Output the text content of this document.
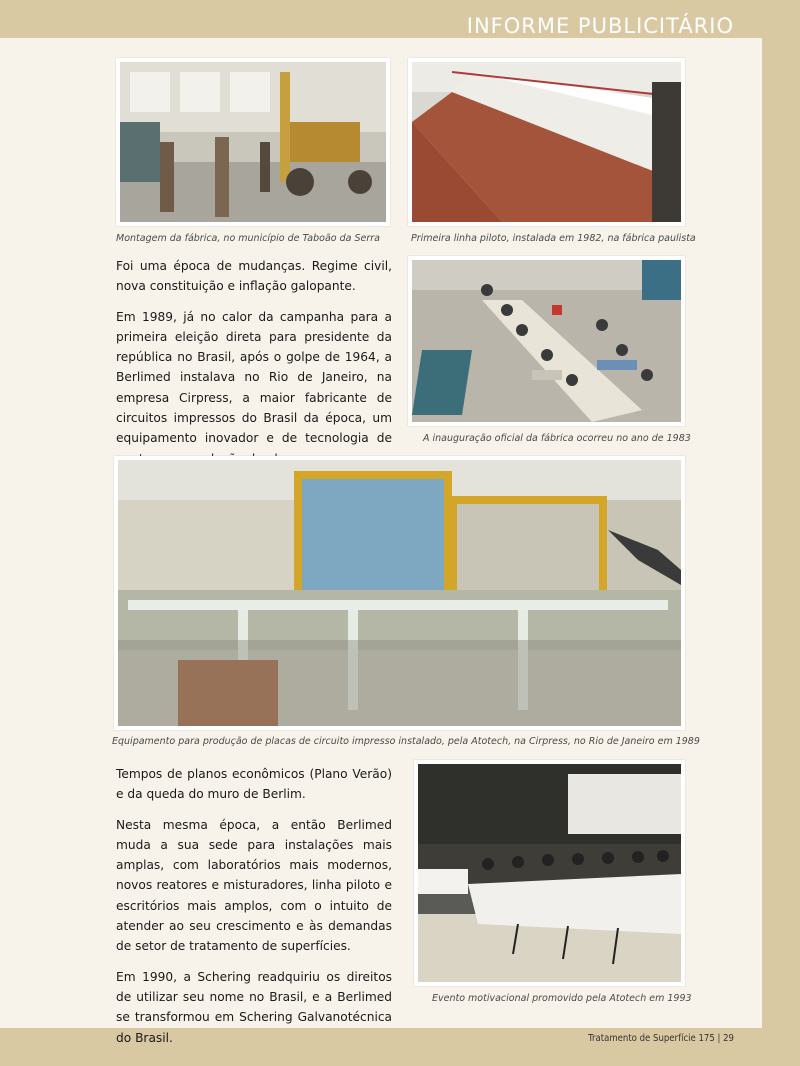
INFORME PUBLICITÁRIO
Montagem da fábrica, no município de Taboão da Serra	Primeira linha piloto, instalada em 1982, na fábrica paulista

Foi uma época de mudanças. Regime civil, nova constituição e inflação galopante.

Em 1989, já no calor da campanha para a primeira eleição direta para presidente da república no Brasil, após o golpe de 1964, a Berlimed instalava no Rio de Janeiro, na empresa Cirpress, a maior fabricante de circuitos impressos do Brasil da época, um equipamento inovador e de tecnologia de	A inauguração oficial da fábrica ocorreu no ano de 1983
Equipamento para produção de placas de circuito impresso instalado, pela Atotech, na Cirpress, no Rio de Janeiro em 1989

Tempos de planos econômicos (Plano Verão) e da queda do muro de Berlim.

Nesta mesma época, a então Berlimed muda a sua sede para instalações mais amplas, com laboratórios mais modernos, novos reatores e misturadores, linha piloto e escritórios mais amplos, com o intuito de atender ao seu crescimento e às demandas de setor de tratamento de superfícies.

Em 1990, a Schering readquiriu os direitos de utilizar seu nome no Brasil, e a Berlimed se transformou em Schering Galvanotécnica do Brasil.

Evento motivacional promovido pela Atotech em 1993
Tratamento de Superfície 175 | 29
